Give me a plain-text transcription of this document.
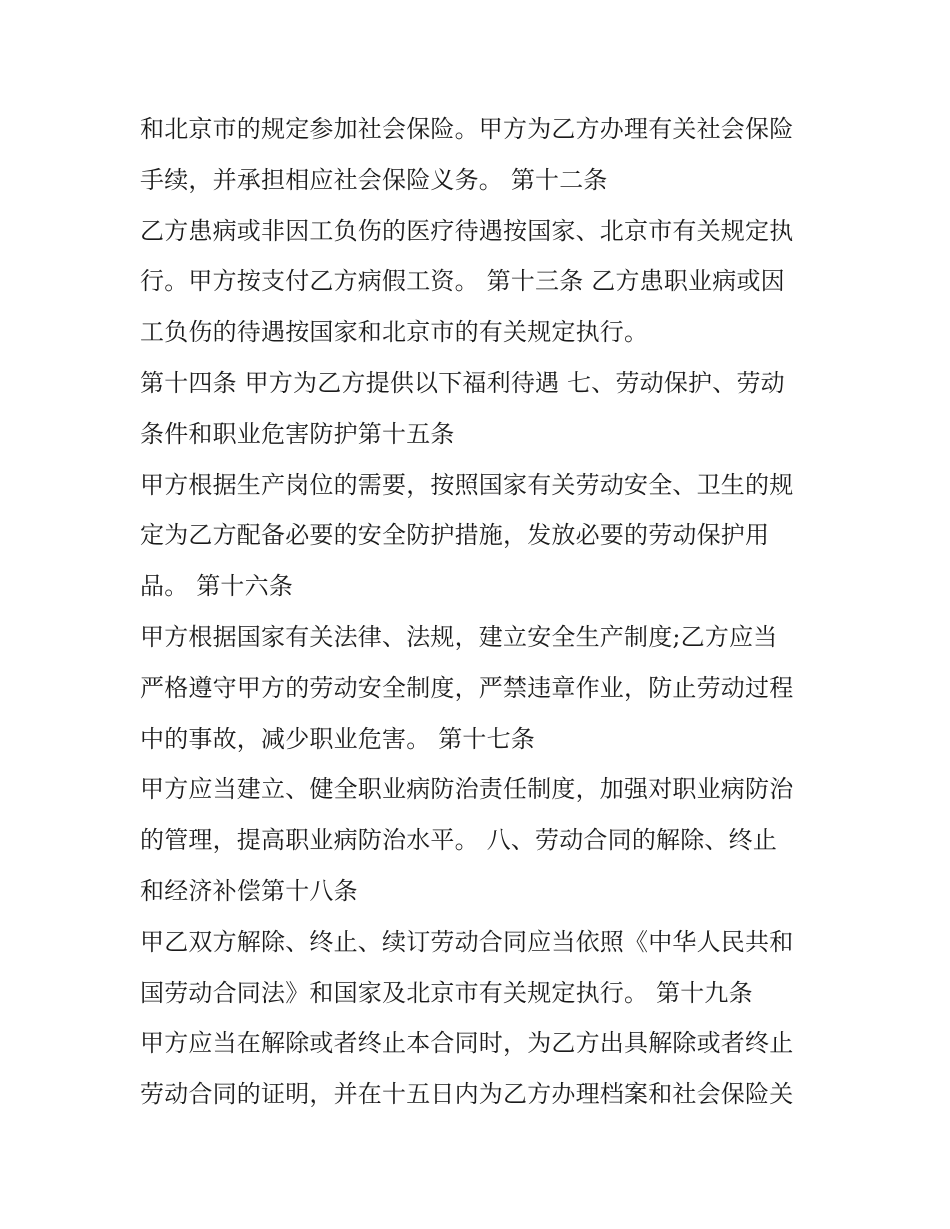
和北京市的规定参加社会保险。甲方为乙方办理有关社会保险
手续，并承担相应社会保险义务。 第十二条
乙方患病或非因工负伤的医疗待遇按国家、北京市有关规定执
行。甲方按支付乙方病假工资。 第十三条 乙方患职业病或因
工负伤的待遇按国家和北京市的有关规定执行。
第十四条 甲方为乙方提供以下福利待遇 七、劳动保护、劳动
条件和职业危害防护第十五条
甲方根据生产岗位的需要，按照国家有关劳动安全、卫生的规
定为乙方配备必要的安全防护措施，发放必要的劳动保护用
品。 第十六条
甲方根据国家有关法律、法规，建立安全生产制度;乙方应当
严格遵守甲方的劳动安全制度，严禁违章作业，防止劳动过程
中的事故，减少职业危害。 第十七条
甲方应当建立、健全职业病防治责任制度，加强对职业病防治
的管理，提高职业病防治水平。 八、劳动合同的解除、终止
和经济补偿第十八条
甲乙双方解除、终止、续订劳动合同应当依照《中华人民共和
国劳动合同法》和国家及北京市有关规定执行。 第十九条
甲方应当在解除或者终止本合同时，为乙方出具解除或者终止
劳动合同的证明，并在十五日内为乙方办理档案和社会保险关
